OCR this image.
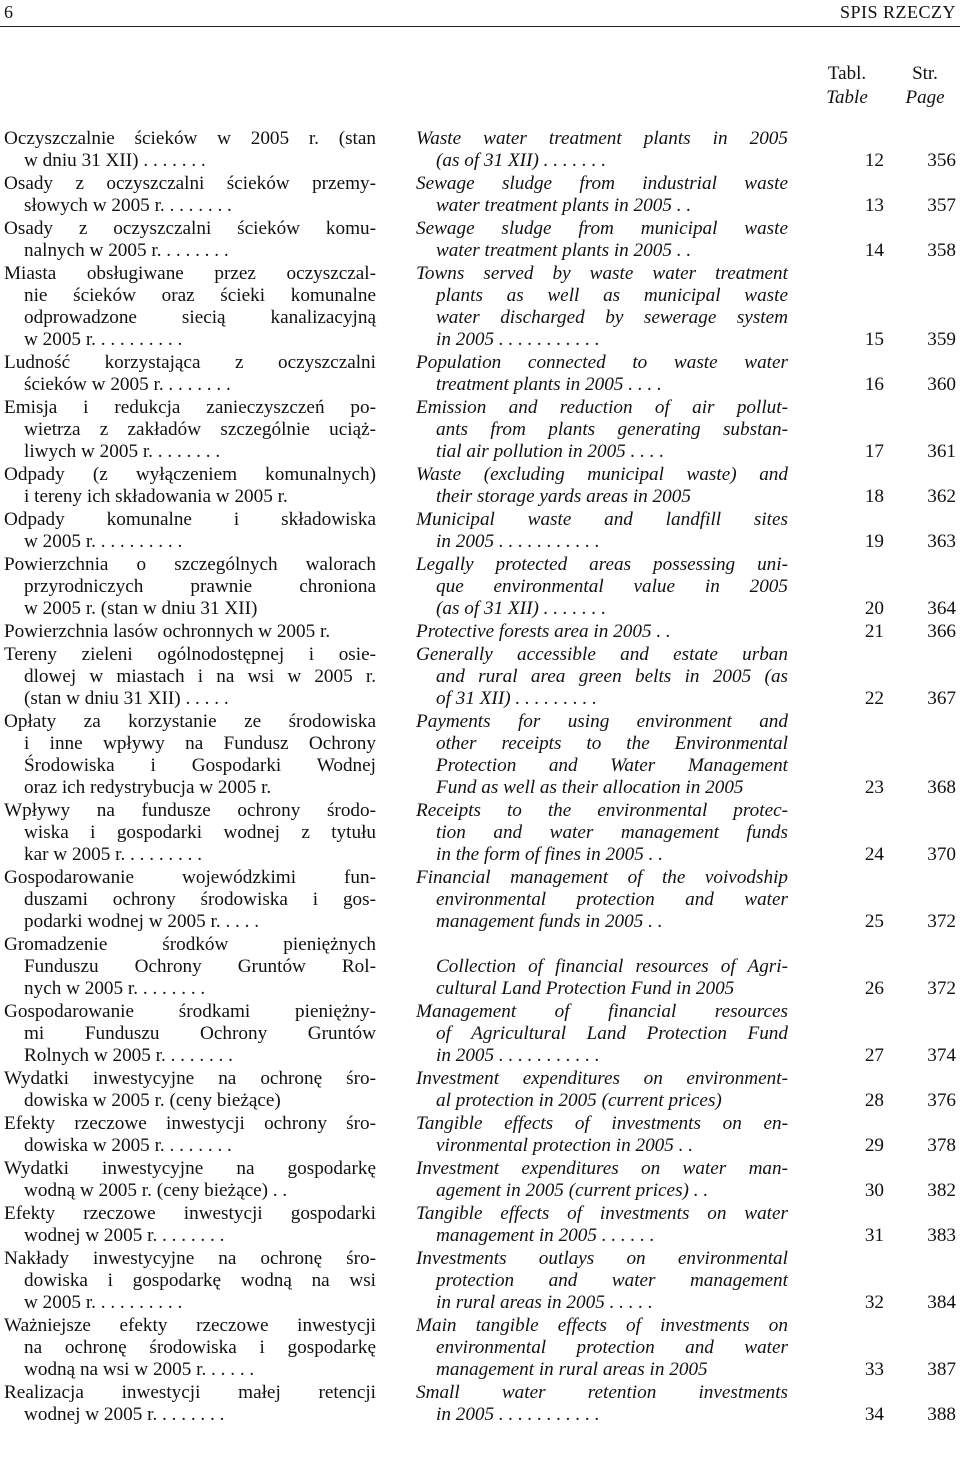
6	SPIS RZECZY
Tabl.
Table
Str.
Page
Oczyszczalnie ścieków w 2005 r. (stan
w dniu 31 XII) . . . . . . .
Waste water treatment plants in 2005
(as of 31 XII) . . . . . . .	12	356
Osady z oczyszczalni ścieków przemy-
słowych w 2005 r. . . . . . . .
Sewage sludge from industrial waste
water treatment plants in 2005 . .	13	357
Osady z oczyszczalni ścieków komu-
nalnych w 2005 r. . . . . . . .
Sewage sludge from municipal waste
water treatment plants in 2005 . .	14	358
Miasta obsługiwane przez oczyszczal-
nie ścieków oraz ścieki komunalne
odprowadzone siecią kanalizacyjną
w 2005 r. . . . . . . . . .
Towns served by waste water treatment
plants as well as municipal waste
water discharged by sewerage system
in 2005 . . . . . . . . . . .	15	359
Ludność korzystająca z oczyszczalni
ścieków w 2005 r. . . . . . . .
Population connected to waste water
treatment plants in 2005 . . . .	16	360
Emisja i redukcja zanieczyszczeń po-
wietrza z zakładów szczególnie uciąż-
liwych w 2005 r. . . . . . . .
Emission and reduction of air pollut-
ants from plants generating substan-
tial air pollution in 2005 . . . .	17	361
Odpady (z wyłączeniem komunalnych)
i tereny ich składowania w 2005 r.
Waste (excluding municipal waste) and
their storage yards areas in 2005	18	362
Odpady komunalne i składowiska
w 2005 r. . . . . . . . . .
Municipal waste and landfill sites
in 2005 . . . . . . . . . . .	19	363
Powierzchnia o szczególnych walorach
przyrodniczych prawnie chroniona
w 2005 r. (stan w dniu 31 XII)
Legally protected areas possessing uni-
que environmental value in 2005
(as of 31 XII) . . . . . . .	20	364
Powierzchnia lasów ochronnych w 2005 r.	Protective forests area in 2005 . .	21	366
Tereny zieleni ogólnodostępnej i osie-
dlowej w miastach i na wsi w 2005 r.
(stan w dniu 31 XII) . . . . .
Generally accessible and estate urban
and rural area green belts in 2005 (as
of 31 XII) . . . . . . . . .	22	367
Opłaty za korzystanie ze środowiska
i inne wpływy na Fundusz Ochrony
Środowiska i Gospodarki Wodnej
oraz ich redystrybucja w 2005 r.
Payments for using environment and
other receipts to the Environmental
Protection and Water Management
Fund as well as their allocation in 2005	23	368
Wpływy na fundusze ochrony środo-
wiska i gospodarki wodnej z tytułu
kar w 2005 r. . . . . . . . .
Receipts to the environmental protec-
tion and water management funds
in the form of fines in 2005 . .	24	370
Gospodarowanie wojewódzkimi fun-
duszami ochrony środowiska i gos-
podarki wodnej w 2005 r. . . . .
Financial management of the voivodship
environmental protection and water
management funds in 2005 . .	25	372
Gromadzenie środków pieniężnych
Funduszu Ochrony Gruntów Rol-
nych w 2005 r. . . . . . . .
Collection of financial resources of Agri-
cultural Land Protection Fund in 2005	26	372
Gospodarowanie środkami pieniężny-
mi Funduszu Ochrony Gruntów
Rolnych w 2005 r. . . . . . . .
Management of financial resources
of Agricultural Land Protection Fund
in 2005 . . . . . . . . . . .	27	374
Wydatki inwestycyjne na ochronę śro-
dowiska w 2005 r. (ceny bieżące)
Investment expenditures on environment-
al protection in 2005 (current prices)	28	376
Efekty rzeczowe inwestycji ochrony śro-
dowiska w 2005 r. . . . . . . .
Tangible effects of investments on en-
vironmental protection in 2005 . .	29	378
Wydatki inwestycyjne na gospodarkę
wodną w 2005 r. (ceny bieżące) . .
Investment expenditures on water man-
agement in 2005 (current prices) . .	30	382
Efekty rzeczowe inwestycji gospodarki
wodnej w 2005 r. . . . . . . .
Tangible effects of investments on water
management in 2005 . . . . . .	31	383
Nakłady inwestycyjne na ochronę śro-
dowiska i gospodarkę wodną na wsi
w 2005 r. . . . . . . . . .
Investments outlays on environmental
protection and water management
in rural areas in 2005 . . . . .	32	384
Ważniejsze efekty rzeczowe inwestycji
na ochronę środowiska i gospodarkę
wodną na wsi w 2005 r. . . . . .
Main tangible effects of investments on
environmental protection and water
management in rural areas in 2005	33	387
Realizacja inwestycji małej retencji
wodnej w 2005 r. . . . . . . .
Small water retention investments
in 2005 . . . . . . . . . . .	34	388
